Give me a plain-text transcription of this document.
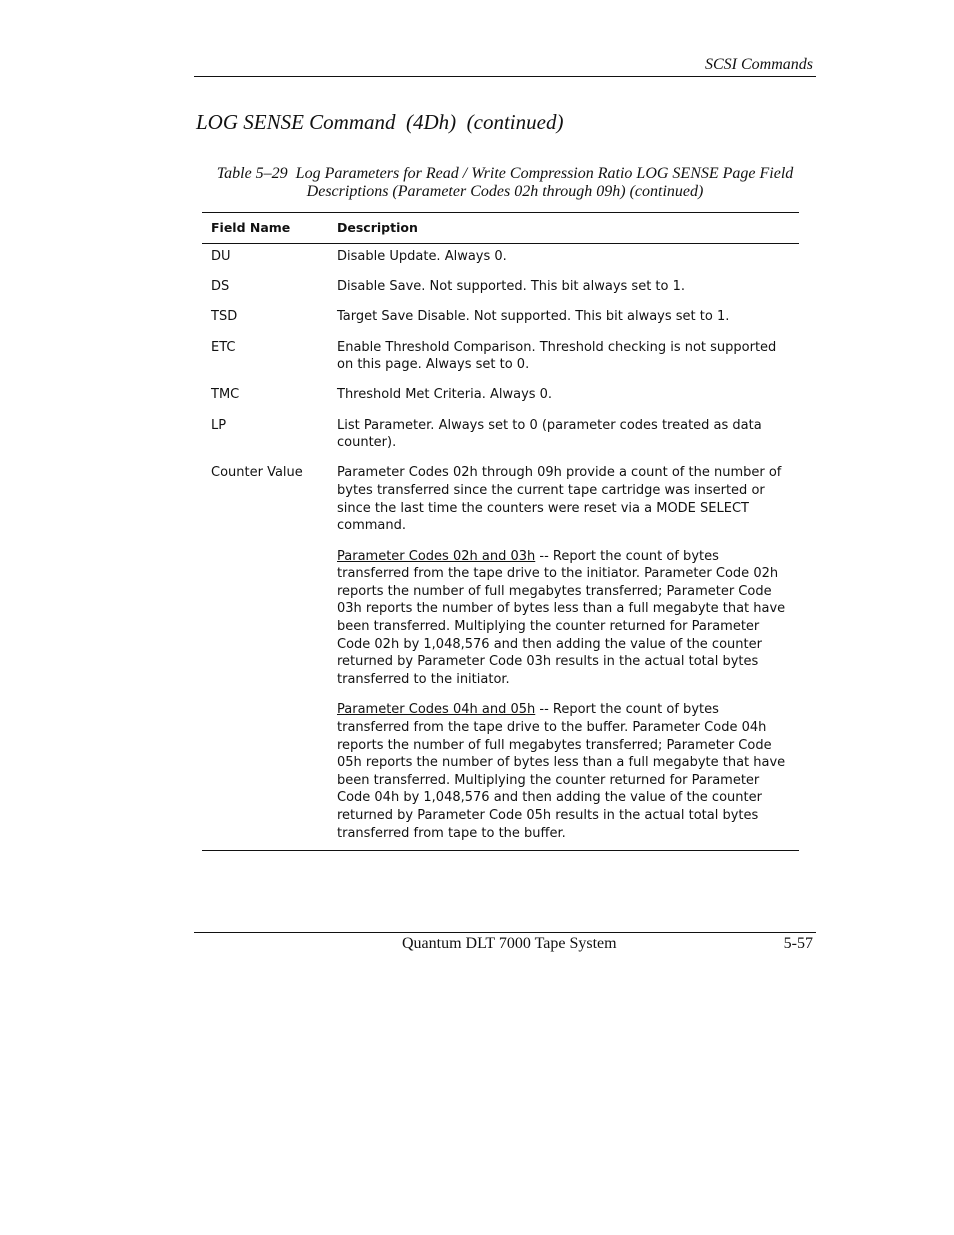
SCSI Commands
LOG SENSE Command  (4Dh)  (continued)
Table 5–29  Log Parameters for Read / Write Compression Ratio LOG SENSE Page Field
Descriptions (Parameter Codes 02h through 09h) (continued)
Field Name	Description
DU	Disable Update. Always 0.
DS	Disable Save. Not supported. This bit always set to 1.
TSD	Target Save Disable. Not supported. This bit always set to 1.
ETC	Enable Threshold Comparison. Threshold checking is not supported on this page. Always set to 0.
TMC	Threshold Met Criteria. Always 0.
LP	List Parameter. Always set to 0 (parameter codes treated as data counter).
Counter Value	Parameter Codes 02h through 09h provide a count of the number of bytes transferred since the current tape cartridge was inserted or since the last time the counters were reset via a MODE SELECT command.

Parameter Codes 02h and 03h -- Report the count of bytes transferred from the tape drive to the initiator. Parameter Code 02h reports the number of full megabytes transferred; Parameter Code 03h reports the number of bytes less than a full megabyte that have been transferred. Multiplying the counter returned for Parameter Code 02h by 1,048,576 and then adding the value of the counter returned by Parameter Code 03h results in the actual total bytes transferred to the initiator.

Parameter Codes 04h and 05h -- Report the count of bytes transferred from the tape drive to the buffer. Parameter Code 04h reports the number of full megabytes transferred; Parameter Code 05h reports the number of bytes less than a full megabyte that have been transferred. Multiplying the counter returned for Parameter Code 04h by 1,048,576 and then adding the value of the counter returned by Parameter Code 05h results in the actual total bytes transferred from tape to the buffer.

Quantum DLT 7000 Tape System	5-57
